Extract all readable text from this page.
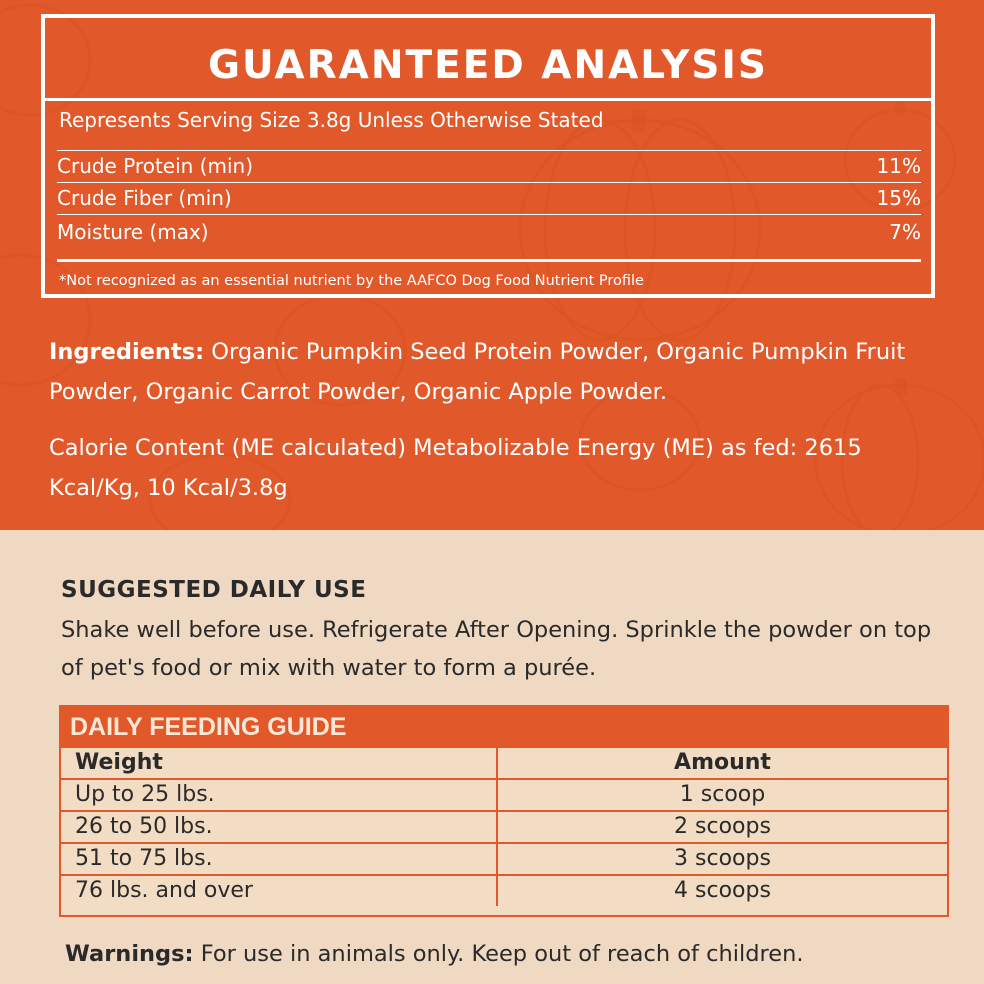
GUARANTEED ANALYSIS
Represents Serving Size 3.8g Unless Otherwise Stated
Crude Protein (min)	11%
Crude Fiber (min)	15%
Moisture (max)	7%
*Not recognized as an essential nutrient by the AAFCO Dog Food Nutrient Profile
Ingredients: Organic Pumpkin Seed Protein Powder, Organic Pumpkin Fruit Powder, Organic Carrot Powder, Organic Apple Powder.
Calorie Content (ME calculated) Metabolizable Energy (ME) as fed: 2615 Kcal/Kg, 10 Kcal/3.8g
SUGGESTED DAILY USE
Shake well before use. Refrigerate After Opening. Sprinkle the powder on top of pet's food or mix with water to form a purée.
DAILY FEEDING GUIDE
Weight	Amount
Up to 25 lbs.	1 scoop
26 to 50 lbs.	2 scoops
51 to 75 lbs.	3 scoops
76 lbs. and over	4 scoops
Warnings: For use in animals only. Keep out of reach of children.
